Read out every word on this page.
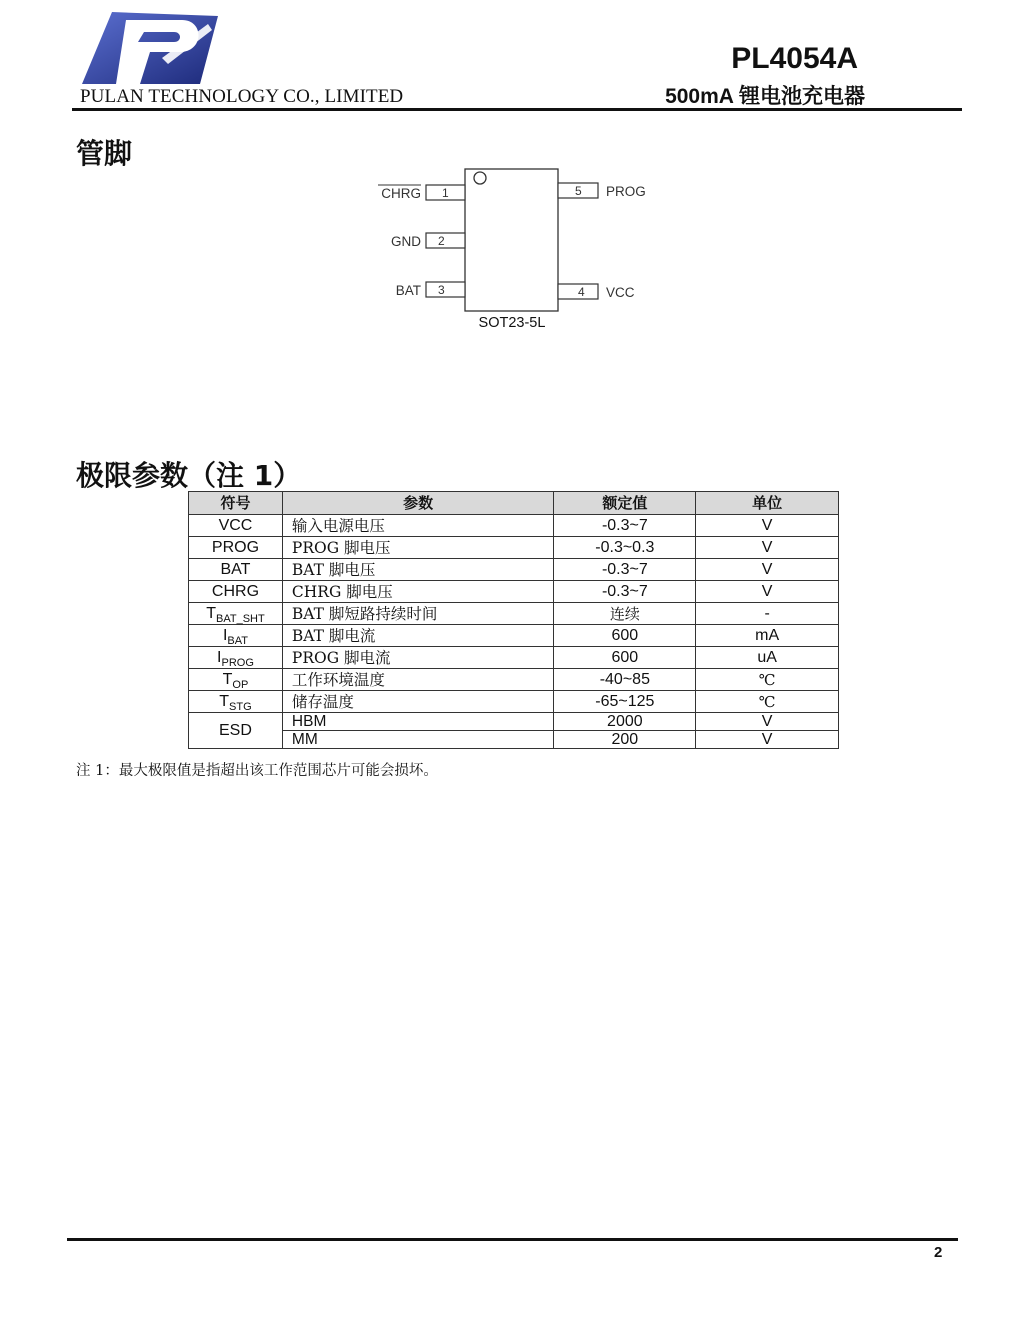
PULAN TECHNOLOGY CO., LIMITED
PL4054A
500mA 锂电池充电器
管脚
1
CHRG
2
GND
3
BAT
5 PROG
4 VCC
SOT23-5L
极限参数（注 1）
符号	参数	额定值	单位
VCC	输入电源电压	-0.3~7	V
PROG	PROG 脚电压	-0.3~0.3	V
BAT	BAT 脚电压	-0.3~7	V
CHRG	CHRG 脚电压	-0.3~7	V
$T_{BAT\_SHT}$	BAT 脚短路持续时间	连续	-
$I_{BAT}$	BAT 脚电流	600	mA
$I_{PROG}$	PROG 脚电流	600	uA
$T_{OP}$	工作环境温度	-40~85	℃
$T_{STG}$	储存温度	-65~125	℃
ESD	HBM	2000	V
	MM	200	V
注 1：最大极限值是指超出该工作范围芯片可能会损坏。
2
